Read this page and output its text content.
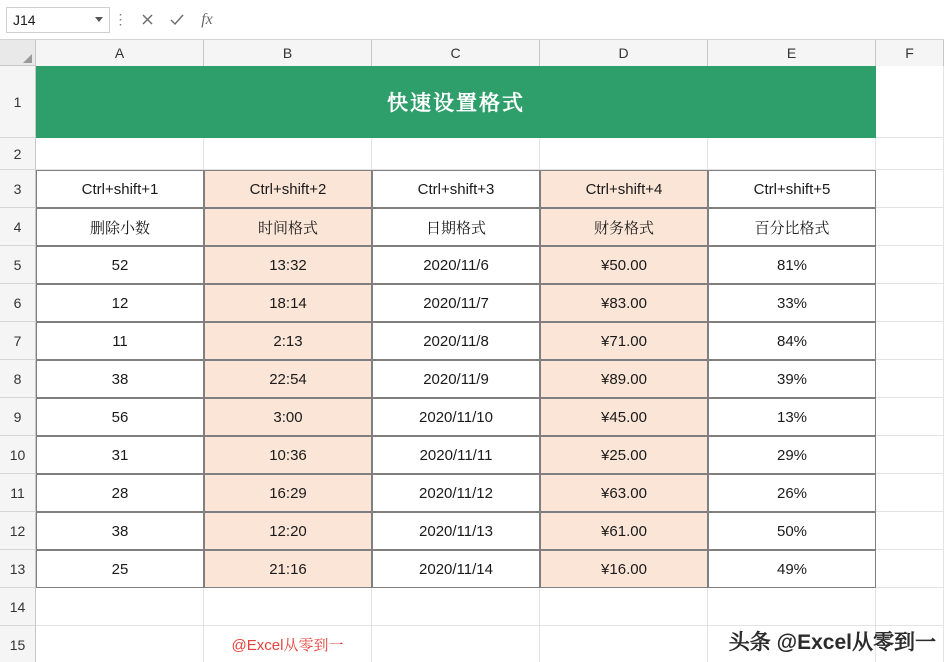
J14	⋮	fx
A	B	C	D	E	F
1	快速设置格式
2
3	Ctrl+shift+1	Ctrl+shift+2	Ctrl+shift+3	Ctrl+shift+4	Ctrl+shift+5
4	删除小数	时间格式	日期格式	财务格式	百分比格式
5	52	13:32	2020/11/6	¥50.00	81%
6	12	18:14	2020/11/7	¥83.00	33%
7	11	2:13	2020/11/8	¥71.00	84%
8	38	22:54	2020/11/9	¥89.00	39%
9	56	3:00	2020/11/10	¥45.00	13%
10	31	10:36	2020/11/11	¥25.00	29%
11	28	16:29	2020/11/12	¥63.00	26%
12	38	12:20	2020/11/13	¥61.00	50%
13	25	21:16	2020/11/14	¥16.00	49%
14
15	@Excel从零到一	头条 @Excel从零到一
